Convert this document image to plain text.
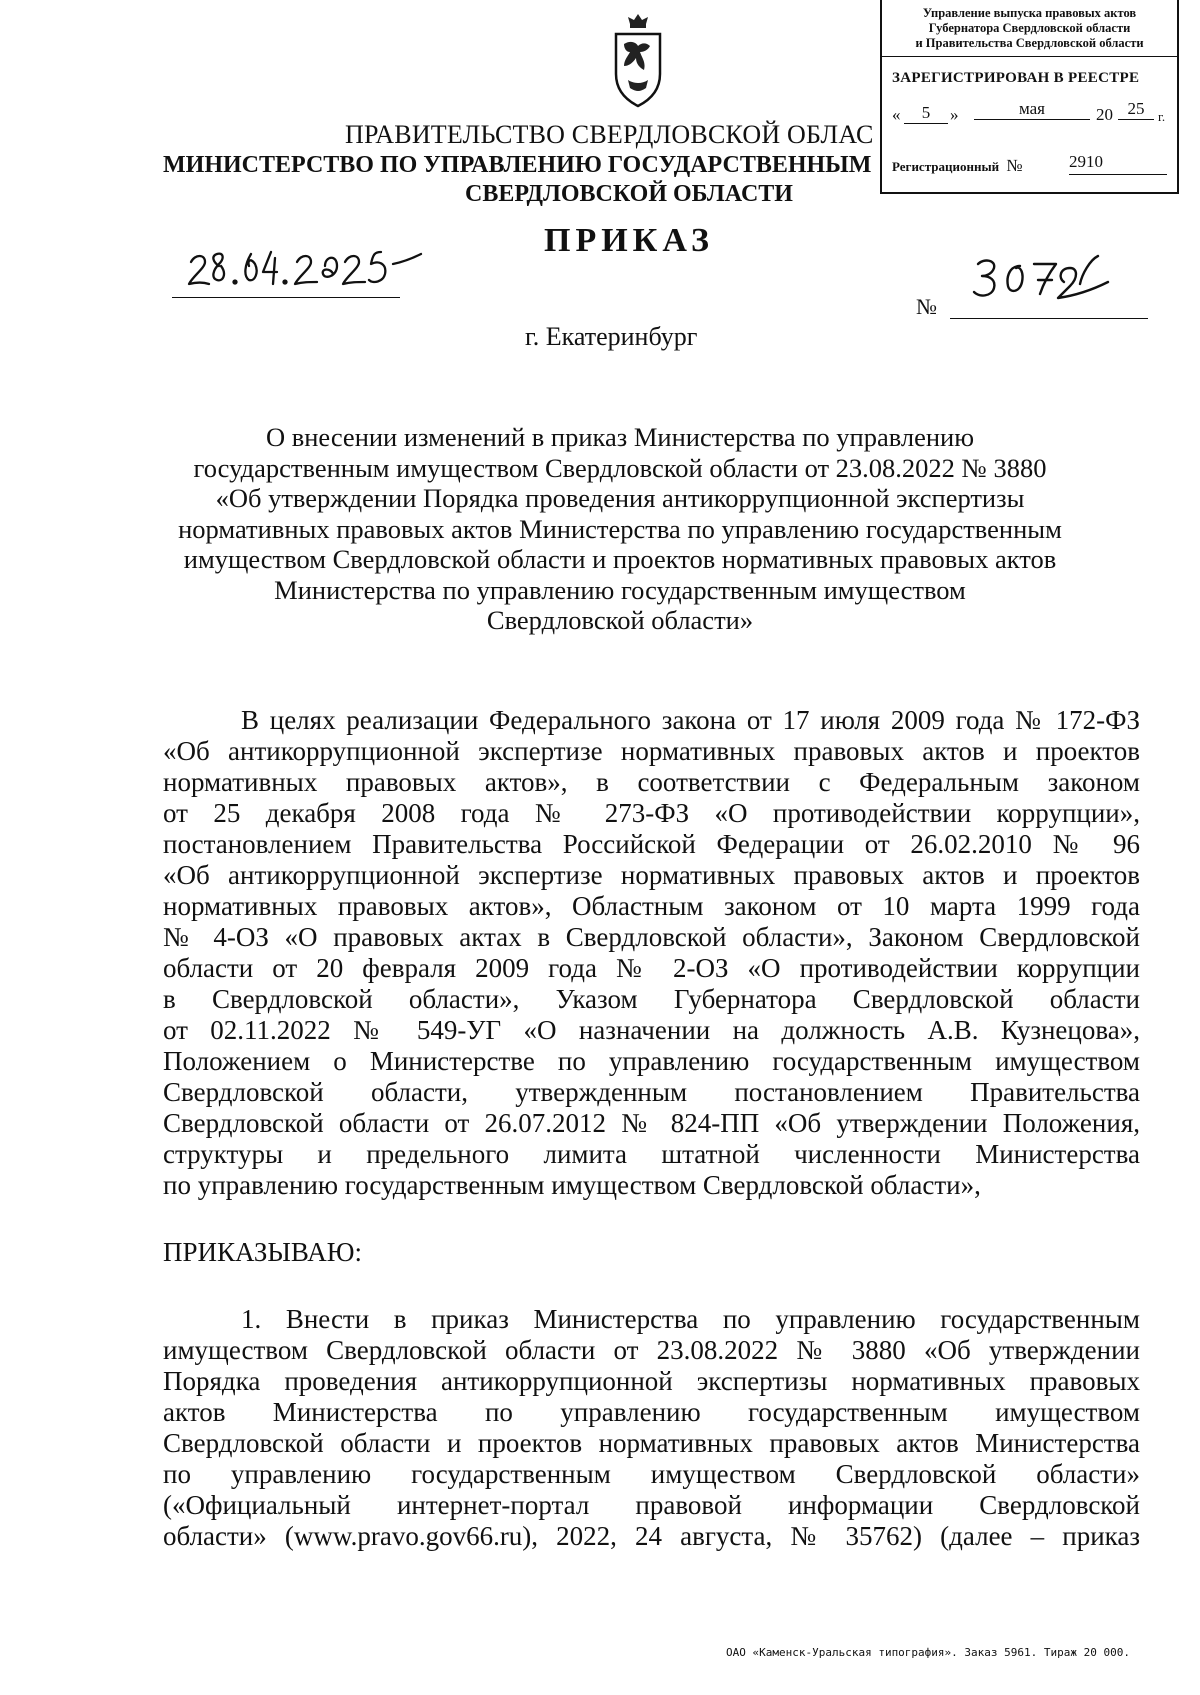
Управление выпуска правовых актов
Губернатора Свердловской области
и Правительства Свердловской области
ЗАРЕГИСТРИРОВАН В РЕЕСТРЕ
«	5	»	мая	20 25	г.
Регистрационный №	2910
ПРАВИТЕЛЬСТВО СВЕРДЛОВСКОЙ ОБЛАС
МИНИСТЕРСТВО ПО УПРАВЛЕНИЮ ГОСУДАРСТВЕННЫМ
СВЕРДЛОВСКОЙ ОБЛАСТИ
ПРИКАЗ
№
г. Екатеринбург
О внесении изменений в приказ Министерства по управлению
государственным имуществом Свердловской области от 23.08.2022 № 3880
«Об утверждении Порядка проведения антикоррупционной экспертизы
нормативных правовых актов Министерства по управлению государственным
имуществом Свердловской области и проектов нормативных правовых актов
Министерства по управлению государственным имуществом
Свердловской области»
В целях реализации Федерального закона от 17 июля 2009 года № 172-ФЗ
«Об антикоррупционной экспертизе нормативных правовых актов и проектов
нормативных правовых актов», в соответствии с Федеральным законом
от 25 декабря 2008 года № 273-ФЗ «О противодействии коррупции»,
постановлением Правительства Российской Федерации от 26.02.2010 № 96
«Об антикоррупционной экспертизе нормативных правовых актов и проектов
нормативных правовых актов», Областным законом от 10 марта 1999 года
№ 4-ОЗ «О правовых актах в Свердловской области», Законом Свердловской
области от 20 февраля 2009 года № 2-ОЗ «О противодействии коррупции
в Свердловской области», Указом Губернатора Свердловской области
от 02.11.2022 № 549-УГ «О назначении на должность А.В. Кузнецова»,
Положением о Министерстве по управлению государственным имуществом
Свердловской области, утвержденным постановлением Правительства
Свердловской области от 26.07.2012 № 824-ПП «Об утверждении Положения,
структуры и предельного лимита штатной численности Министерства
по управлению государственным имуществом Свердловской области»,
ПРИКАЗЫВАЮ:
1. Внести в приказ Министерства по управлению государственным
имуществом Свердловской области от 23.08.2022 № 3880 «Об утверждении
Порядка проведения антикоррупционной экспертизы нормативных правовых
актов Министерства по управлению государственным имуществом
Свердловской области и проектов нормативных правовых актов Министерства
по управлению государственным имуществом Свердловской области»
(«Официальный интернет-портал правовой информации Свердловской
области» (www.pravo.gov66.ru), 2022, 24 августа, № 35762) (далее – приказ
ОАО «Каменск-Уральская типография». Заказ 5961. Тираж 20 000.
